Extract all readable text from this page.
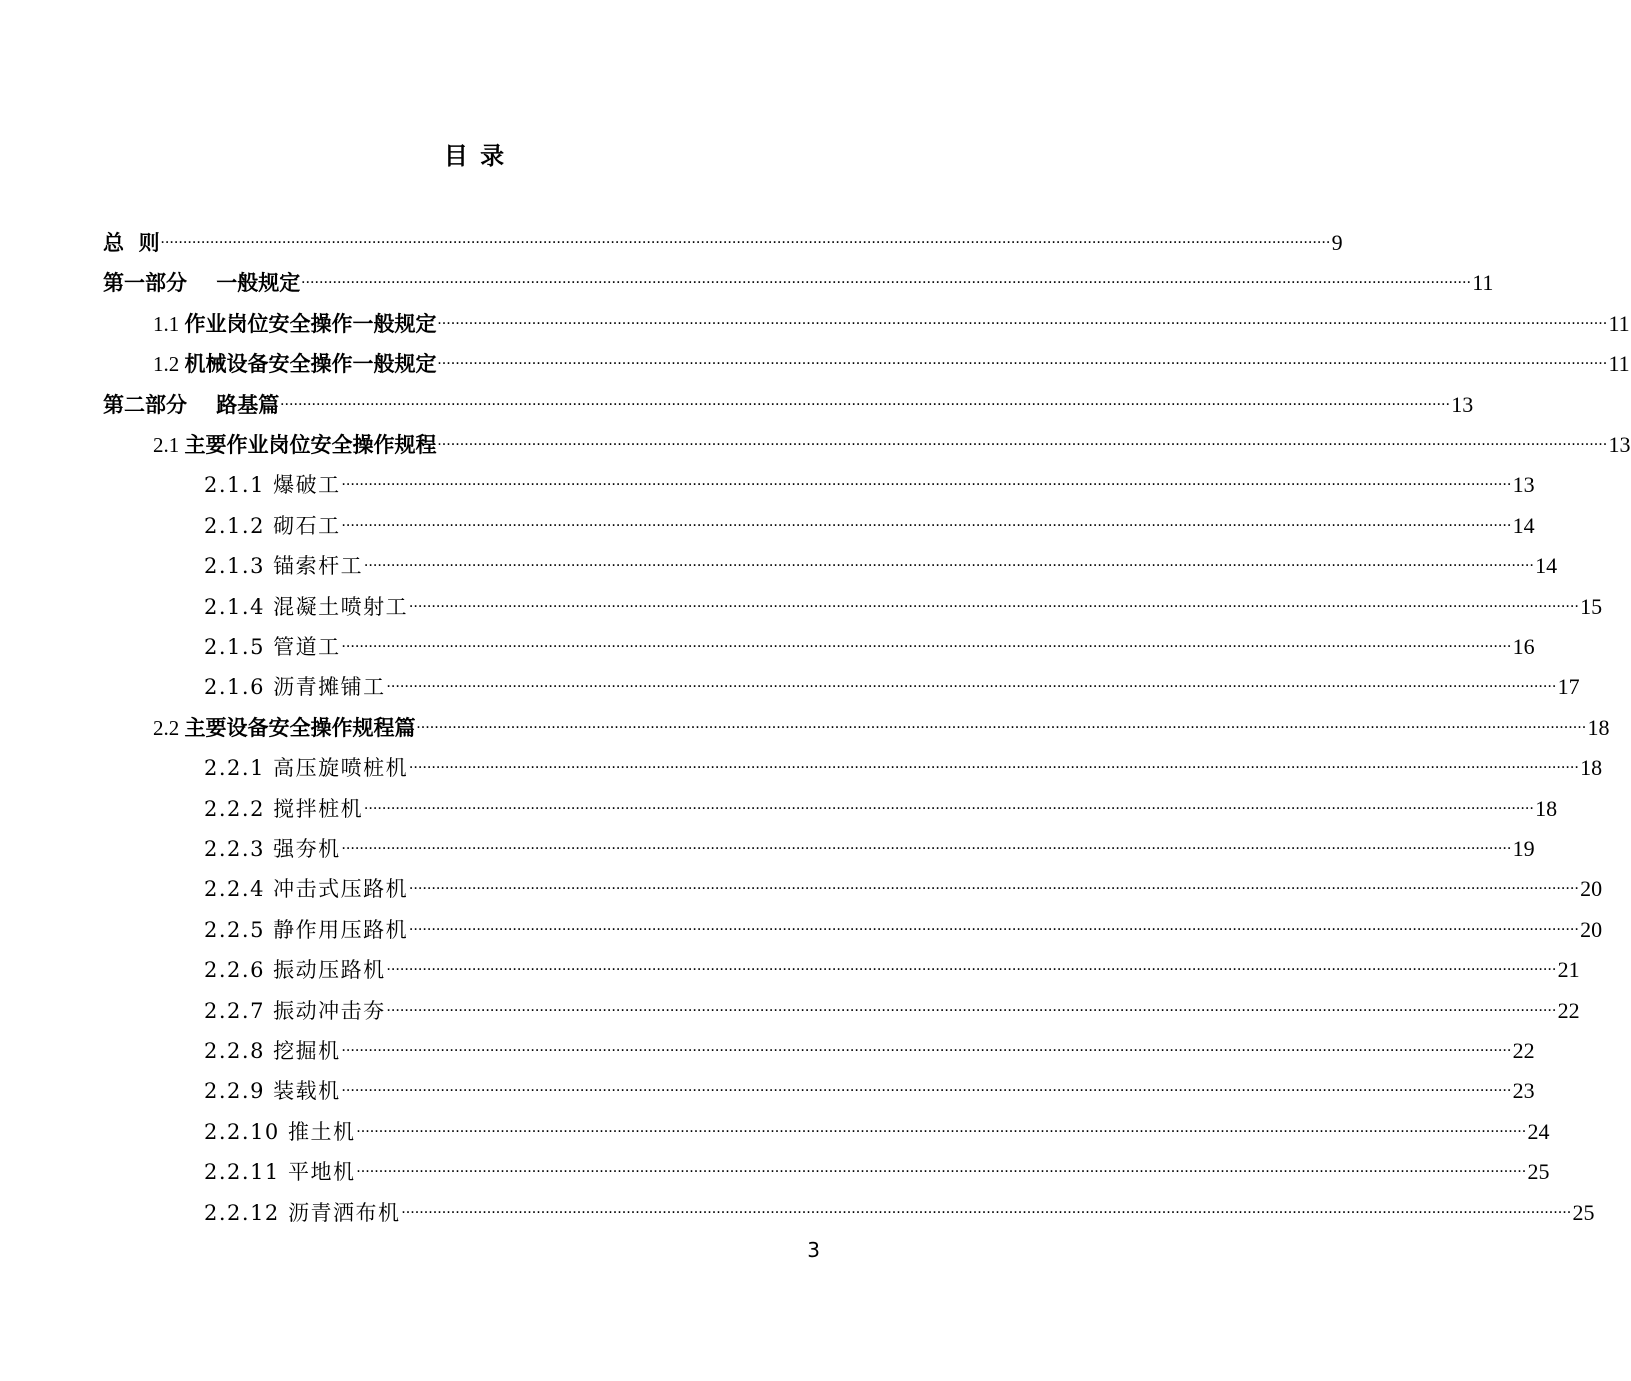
目 录
总  则 .................................................................................................................................................................................................................................................................... 9
第一部分    一般规定 .................................................................................................................................................................................................................................................................... 11
1.1 作业岗位安全操作一般规定 .................................................................................................................................................................................................................................................................... 11
1.2 机械设备安全操作一般规定 .................................................................................................................................................................................................................................................................... 11
第二部分    路基篇 .................................................................................................................................................................................................................................................................... 13
2.1 主要作业岗位安全操作规程 .................................................................................................................................................................................................................................................................... 13
2.1.1 爆破工 .................................................................................................................................................................................................................................................................... 13
2.1.2 砌石工 .................................................................................................................................................................................................................................................................... 14
2.1.3 锚索杆工 .................................................................................................................................................................................................................................................................... 14
2.1.4 混凝土喷射工 .................................................................................................................................................................................................................................................................... 15
2.1.5 管道工 .................................................................................................................................................................................................................................................................... 16
2.1.6 沥青摊铺工 .................................................................................................................................................................................................................................................................... 17
2.2 主要设备安全操作规程篇 .................................................................................................................................................................................................................................................................... 18
2.2.1 高压旋喷桩机 .................................................................................................................................................................................................................................................................... 18
2.2.2 搅拌桩机 .................................................................................................................................................................................................................................................................... 18
2.2.3 强夯机 .................................................................................................................................................................................................................................................................... 19
2.2.4 冲击式压路机 .................................................................................................................................................................................................................................................................... 20
2.2.5 静作用压路机 .................................................................................................................................................................................................................................................................... 20
2.2.6 振动压路机 .................................................................................................................................................................................................................................................................... 21
2.2.7 振动冲击夯 .................................................................................................................................................................................................................................................................... 22
2.2.8 挖掘机 .................................................................................................................................................................................................................................................................... 22
2.2.9 装载机 .................................................................................................................................................................................................................................................................... 23
2.2.10 推土机 .................................................................................................................................................................................................................................................................... 24
2.2.11 平地机 .................................................................................................................................................................................................................................................................... 25
2.2.12 沥青洒布机 .................................................................................................................................................................................................................................................................... 25
3
